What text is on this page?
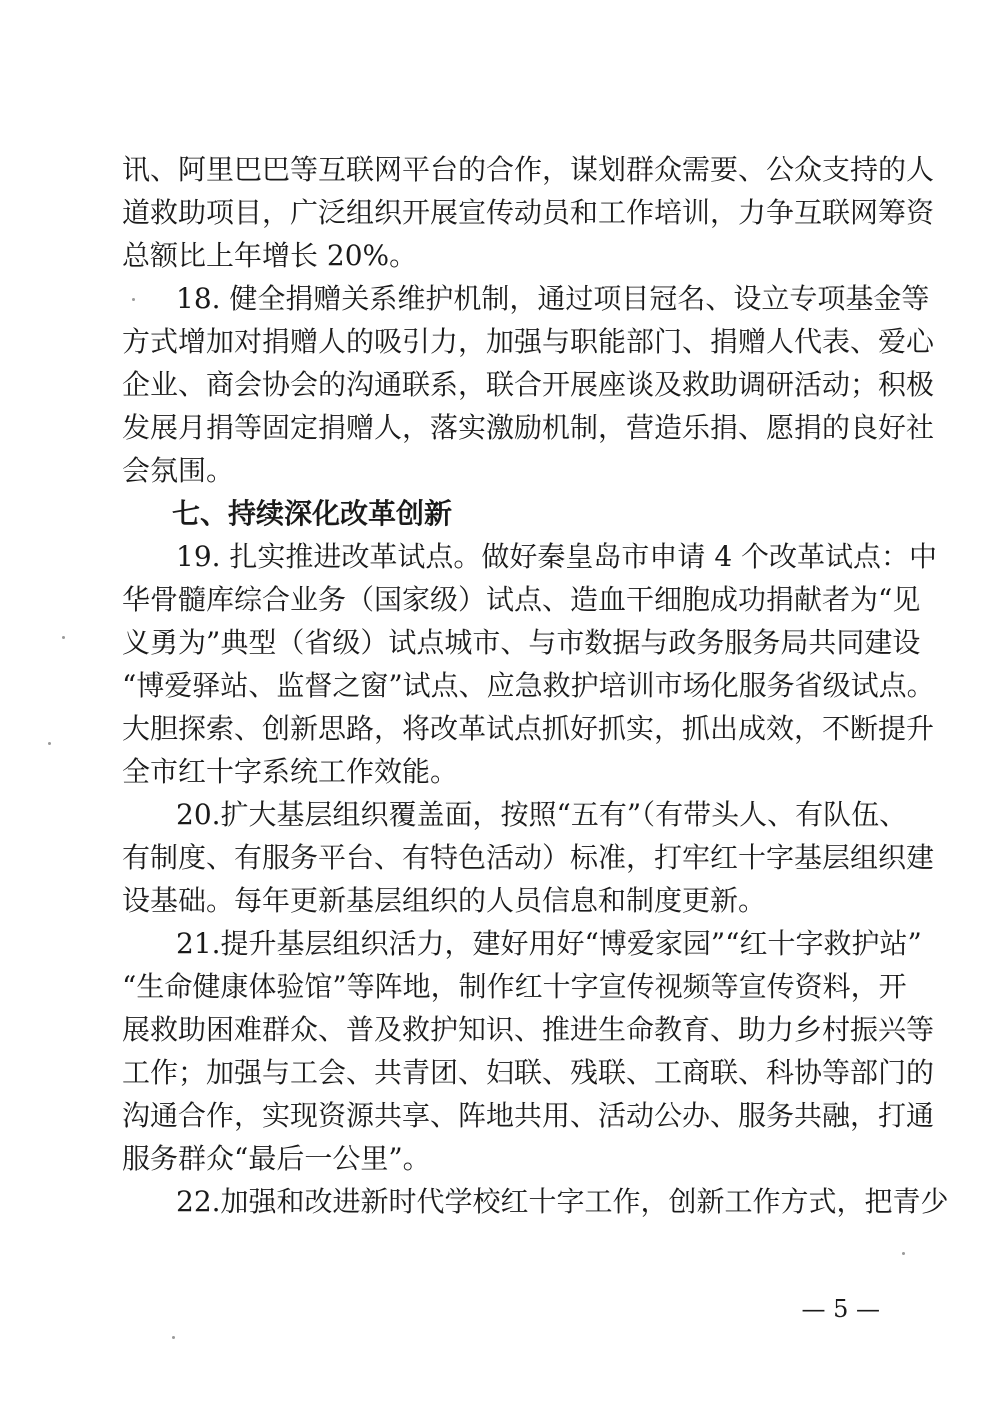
讯、阿里巴巴等互联网平台的合作，谋划群众需要、公众支持的人
道救助项目，广泛组织开展宣传动员和工作培训，力争互联网筹资
总额比上年增长 20%。
18. 健全捐赠关系维护机制，通过项目冠名、设立专项基金等
方式增加对捐赠人的吸引力，加强与职能部门、捐赠人代表、爱心
企业、商会协会的沟通联系，联合开展座谈及救助调研活动；积极
发展月捐等固定捐赠人，落实激励机制，营造乐捐、愿捐的良好社
会氛围。
七、持续深化改革创新
19. 扎实推进改革试点。做好秦皇岛市申请 4 个改革试点：中
华骨髓库综合业务（国家级）试点、造血干细胞成功捐献者为“见
义勇为”典型（省级）试点城市、与市数据与政务服务局共同建设
“博爱驿站、监督之窗”试点、应急救护培训市场化服务省级试点。
大胆探索、创新思路，将改革试点抓好抓实，抓出成效，不断提升
全市红十字系统工作效能。
20.扩大基层组织覆盖面，按照“五有”（有带头人、有队伍、
有制度、有服务平台、有特色活动）标准，打牢红十字基层组织建
设基础。每年更新基层组织的人员信息和制度更新。
21.提升基层组织活力，建好用好“博爱家园”“红十字救护站”
“生命健康体验馆”等阵地，制作红十字宣传视频等宣传资料，开
展救助困难群众、普及救护知识、推进生命教育、助力乡村振兴等
工作；加强与工会、共青团、妇联、残联、工商联、科协等部门的
沟通合作，实现资源共享、阵地共用、活动公办、服务共融，打通
服务群众“最后一公里”。
22.加强和改进新时代学校红十字工作，创新工作方式，把青少
— 5 —
